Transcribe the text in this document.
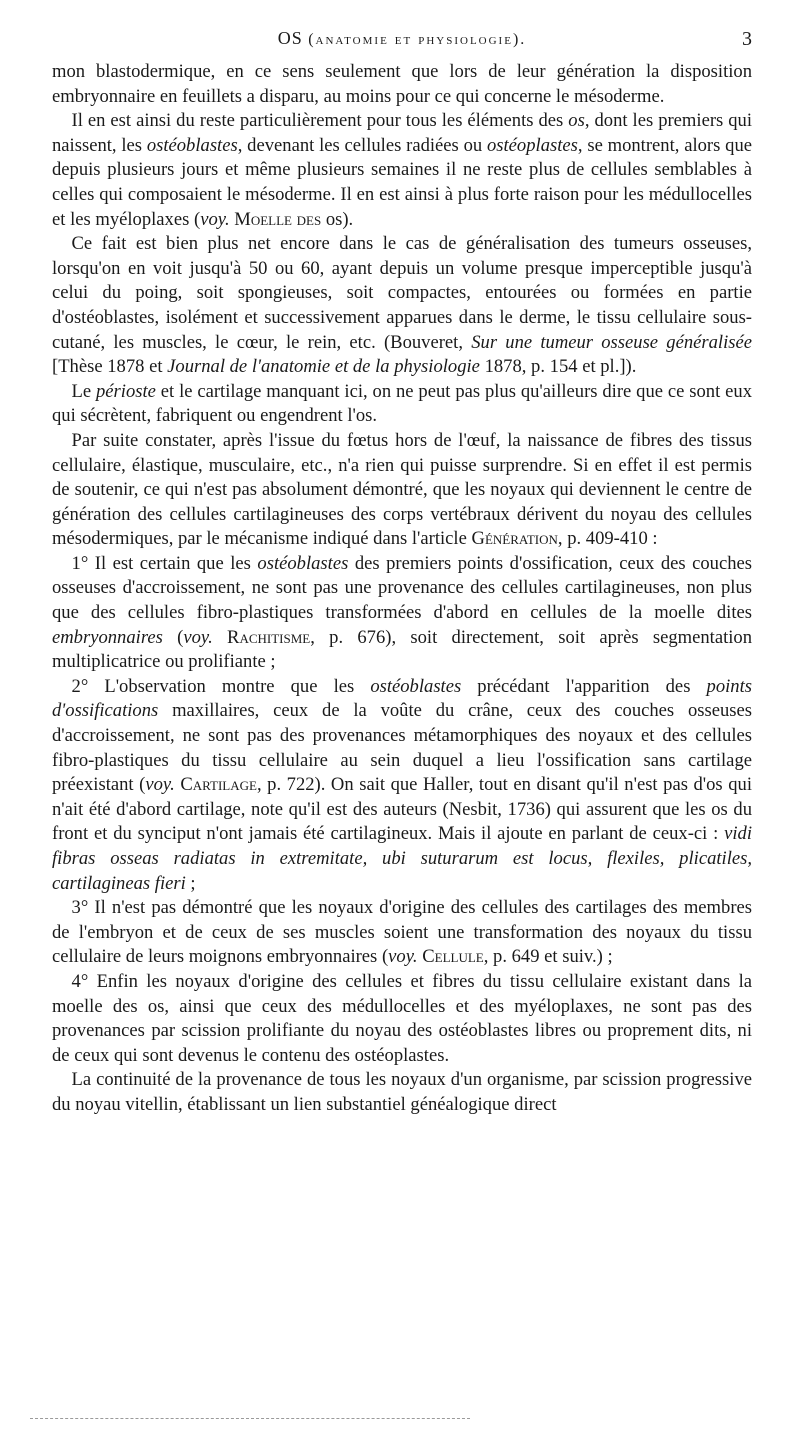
OS (anatomie et physiologie).	3

mon blastodermique, en ce sens seulement que lors de leur génération la disposition embryonnaire en feuillets a disparu, au moins pour ce qui concerne le mésoderme.

Il en est ainsi du reste particulièrement pour tous les éléments des os, dont les premiers qui naissent, les ostéoblastes, devenant les cellules radiées ou ostéoplastes, se montrent, alors que depuis plusieurs jours et même plusieurs semaines il ne reste plus de cellules semblables à celles qui composaient le mésoderme. Il en est ainsi à plus forte raison pour les médullocelles et les myéloplaxes (voy. Moelle des os).

Ce fait est bien plus net encore dans le cas de généralisation des tumeurs osseuses, lorsqu'on en voit jusqu'à 50 ou 60, ayant depuis un volume presque imperceptible jusqu'à celui du poing, soit spongieuses, soit compactes, entourées ou formées en partie d'ostéoblastes, isolément et successivement apparues dans le derme, le tissu cellulaire sous-cutané, les muscles, le cœur, le rein, etc. (Bouveret, Sur une tumeur osseuse généralisée [Thèse 1878 et Journal de l'anatomie et de la physiologie 1878, p. 154 et pl.]).

Le périoste et le cartilage manquant ici, on ne peut pas plus qu'ailleurs dire que ce sont eux qui sécrètent, fabriquent ou engendrent l'os.

Par suite constater, après l'issue du fœtus hors de l'œuf, la naissance de fibres des tissus cellulaire, élastique, musculaire, etc., n'a rien qui puisse surprendre. Si en effet il est permis de soutenir, ce qui n'est pas absolument démontré, que les noyaux qui deviennent le centre de génération des cellules cartilagineuses des corps vertébraux dérivent du noyau des cellules mésodermiques, par le mécanisme indiqué dans l'article Génération, p. 409-410 :

1° Il est certain que les ostéoblastes des premiers points d'ossification, ceux des couches osseuses d'accroissement, ne sont pas une provenance des cellules cartilagineuses, non plus que des cellules fibro-plastiques transformées d'abord en cellules de la moelle dites embryonnaires (voy. Rachitisme, p. 676), soit directement, soit après segmentation multiplicatrice ou prolifiante ;

2° L'observation montre que les ostéoblastes précédant l'apparition des points d'ossifications maxillaires, ceux de la voûte du crâne, ceux des couches osseuses d'accroissement, ne sont pas des provenances métamorphiques des noyaux et des cellules fibro-plastiques du tissu cellulaire au sein duquel a lieu l'ossification sans cartilage préexistant (voy. Cartilage, p. 722). On sait que Haller, tout en disant qu'il n'est pas d'os qui n'ait été d'abord cartilage, note qu'il est des auteurs (Nesbit, 1736) qui assurent que les os du front et du synciput n'ont jamais été cartilagineux. Mais il ajoute en parlant de ceux-ci : vidi fibras osseas radiatas in extremitate, ubi suturarum est locus, flexiles, plicatiles, cartilagineas fieri ;

3° Il n'est pas démontré que les noyaux d'origine des cellules des cartilages des membres de l'embryon et de ceux de ses muscles soient une transformation des noyaux du tissu cellulaire de leurs moignons embryonnaires (voy. Cellule, p. 649 et suiv.) ;

4° Enfin les noyaux d'origine des cellules et fibres du tissu cellulaire existant dans la moelle des os, ainsi que ceux des médullocelles et des myéloplaxes, ne sont pas des provenances par scission prolifiante du noyau des ostéoblastes libres ou proprement dits, ni de ceux qui sont devenus le contenu des ostéoplastes.

La continuité de la provenance de tous les noyaux d'un organisme, par scission progressive du noyau vitellin, établissant un lien substantiel généalogique direct
